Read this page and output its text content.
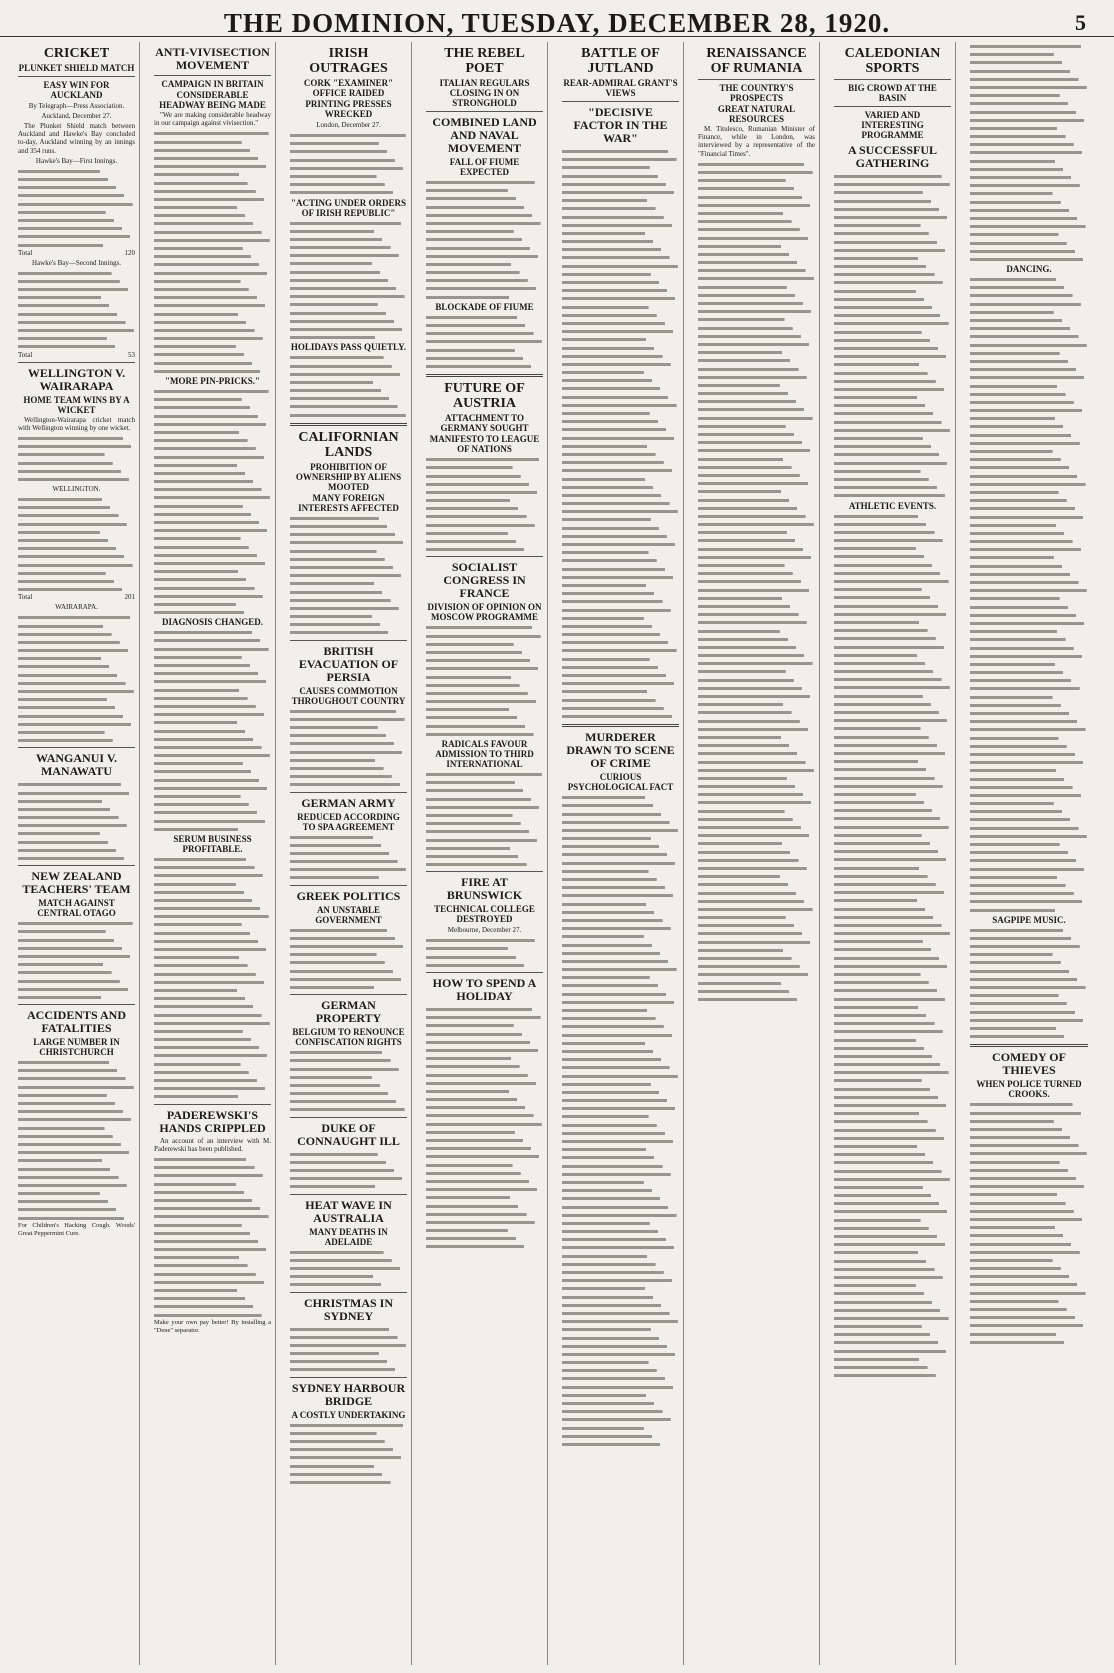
THE DOMINION, TUESDAY, DECEMBER 28, 1920.	5
CRICKET
PLUNKET SHIELD MATCH
EASY WIN FOR AUCKLAND
By Telegraph—Press Association.
Auckland, December 27.

The Plunket Shield match between Auckland and Hawke's Bay concluded to-day, Auckland winning by an innings and 354 runs.

Hawke's Bay—First Innings.

Total	120
Hawke's Bay—Second Innings.

Total	53
WELLINGTON V. WAIRARAPA
HOME TEAM WINS BY A WICKET

Wellington-Wairarapa cricket match with Wellington winning by one wicket.

WELLINGTON.

Total	201
WAIRARAPA.

WANGANUI V. MANAWATU

NEW ZEALAND TEACHERS' TEAM
MATCH AGAINST CENTRAL OTAGO

ACCIDENTS AND FATALITIES
LARGE NUMBER IN CHRISTCHURCH

For Children's Hacking Cough. Woods' Great Peppermint Cure.
ANTI-VIVISECTION MOVEMENT
CAMPAIGN IN BRITAIN
CONSIDERABLE HEADWAY BEING MADE

"We are making considerable headway in our campaign against vivisection."

"MORE PIN-PRICKS."

DIAGNOSIS CHANGED.

SERUM BUSINESS PROFITABLE.

PADEREWSKI'S HANDS CRIPPLED

An account of an interview with M. Paderewski has been published.

Make your own pay better! By installing a "Dene" separator.
IRISH OUTRAGES
CORK "EXAMINER" OFFICE RAIDED
PRINTING PRESSES WRECKED
London, December 27.

"ACTING UNDER ORDERS OF IRISH REPUBLIC"

HOLIDAYS PASS QUIETLY.

CALIFORNIAN LANDS
PROHIBITION OF OWNERSHIP BY ALIENS MOOTED
MANY FOREIGN INTERESTS AFFECTED

BRITISH EVACUATION OF PERSIA
CAUSES COMMOTION THROUGHOUT COUNTRY

GERMAN ARMY
REDUCED ACCORDING TO SPA AGREEMENT

GREEK POLITICS
AN UNSTABLE GOVERNMENT

GERMAN PROPERTY
BELGIUM TO RENOUNCE CONFISCATION RIGHTS

DUKE OF CONNAUGHT ILL

HEAT WAVE IN AUSTRALIA
MANY DEATHS IN ADELAIDE

CHRISTMAS IN SYDNEY

SYDNEY HARBOUR BRIDGE
A COSTLY UNDERTAKING

THE REBEL POET
ITALIAN REGULARS CLOSING IN ON STRONGHOLD
COMBINED LAND AND NAVAL MOVEMENT
FALL OF FIUME EXPECTED

BLOCKADE OF FIUME

FUTURE OF AUSTRIA
ATTACHMENT TO GERMANY SOUGHT
MANIFESTO TO LEAGUE OF NATIONS

SOCIALIST CONGRESS IN FRANCE
DIVISION OF OPINION ON MOSCOW PROGRAMME

RADICALS FAVOUR ADMISSION TO THIRD INTERNATIONAL

FIRE AT BRUNSWICK
TECHNICAL COLLEGE DESTROYED
Melbourne, December 27.

HOW TO SPEND A HOLIDAY

BATTLE OF JUTLAND
REAR-ADMIRAL GRANT'S VIEWS
"DECISIVE FACTOR IN THE WAR"

MURDERER DRAWN TO SCENE OF CRIME
CURIOUS PSYCHOLOGICAL FACT

RENAISSANCE OF RUMANIA
THE COUNTRY'S PROSPECTS
GREAT NATURAL RESOURCES

M. Titulesco, Rumanian Minister of Finance, while in London, was interviewed by a representative of the "Financial Times".

CALEDONIAN SPORTS
BIG CROWD AT THE BASIN
VARIED AND INTERESTING PROGRAMME
A SUCCESSFUL GATHERING

ATHLETIC EVENTS.

DANCING.

SAGPIPE MUSIC.

COMEDY OF THIEVES
WHEN POLICE TURNED CROOKS.
